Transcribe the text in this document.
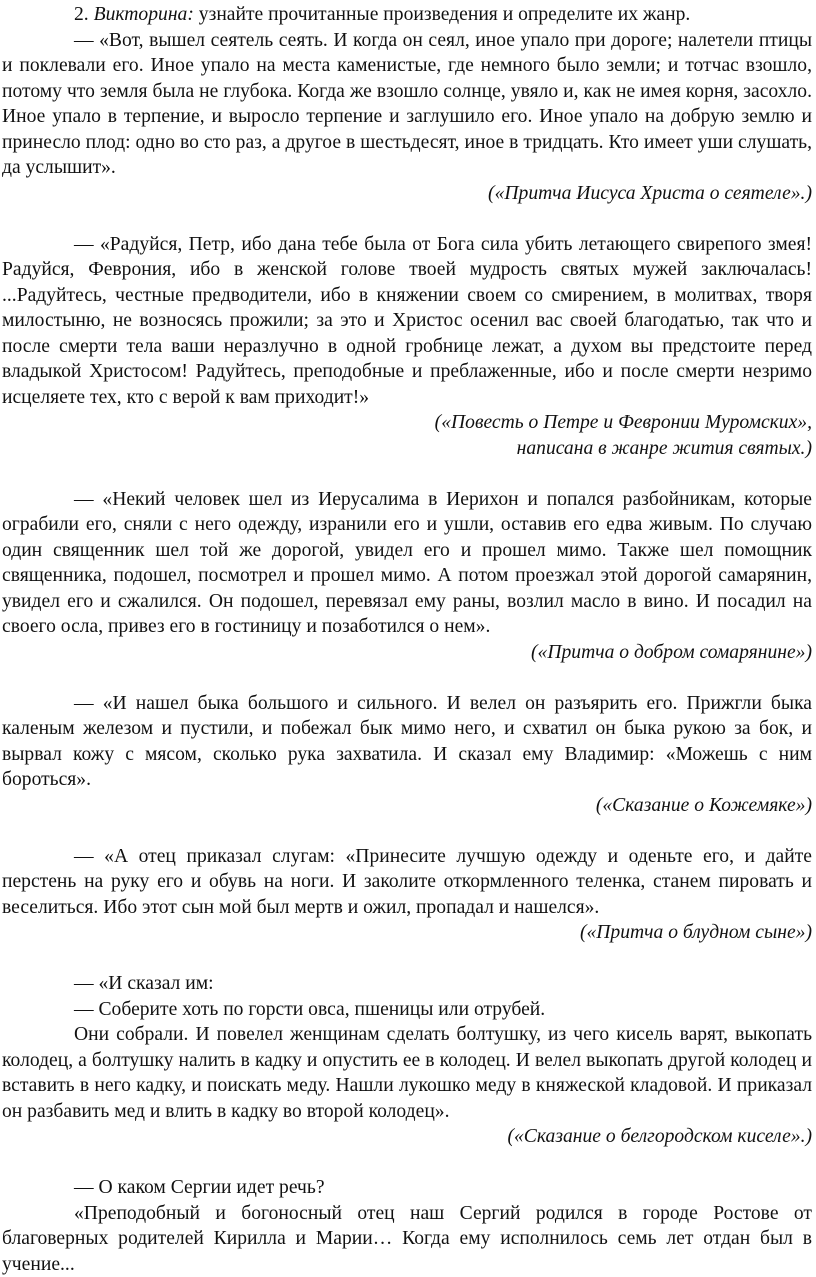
2. Викторина: узнайте прочитанные произведения и определите их жанр.

— «Вот, вышел сеятель сеять. И когда он сеял, иное упало при дороге; налетели птицы и поклевали его. Иное упало на места каменистые, где немного было земли; и тотчас взошло, потому что земля была не глубока. Когда же взошло солнце, увяло и, как не имея корня, засохло. Иное упало в терпение, и выросло терпение и заглушило его. Иное упало на добрую землю и принесло плод: одно во сто раз, а другое в шестьдесят, иное в тридцать. Кто имеет уши слушать, да услышит».

(«Притча Иисуса Христа о сеятеле».)

— «Радуйся, Петр, ибо дана тебе была от Бога сила убить летающего свирепого змея! Радуйся, Феврония, ибо в женской голове твоей мудрость святых мужей заключалась! ...Радуйтесь, честные предводители, ибо в княжении своем со смирением, в молитвах, творя милостыню, не возносясь прожили; за это и Христос осенил вас своей благодатью, так что и после смерти тела ваши неразлучно в одной гробнице лежат, а духом вы предстоите перед владыкой Христосом! Радуйтесь, преподобные и преблаженные, ибо и после смерти незримо исцеляете тех, кто с верой к вам приходит!»

(«Повесть о Петре и Февронии Муромских»,

написана в жанре жития святых.)

— «Некий человек шел из Иерусалима в Иерихон и попался разбойникам, которые ограбили его, сняли с него одежду, изранили его и ушли, оставив его едва живым. По случаю один священник шел той же дорогой, увидел его и прошел мимо. Также шел помощник священника, подошел, посмотрел и прошел мимо. А потом проезжал этой дорогой самарянин, увидел его и сжалился. Он подошел, перевязал ему раны, возлил масло в вино. И посадил на своего осла, привез его в гостиницу и позаботился о нем».

(«Притча о добром сомарянине»)

— «И нашел быка большого и сильного. И велел он разъярить его. Прижгли быка каленым железом и пустили, и побежал бык мимо него, и схватил он быка рукою за бок, и вырвал кожу с мясом, сколько рука захватила. И сказал ему Владимир: «Можешь с ним бороться».

(«Сказание о Кожемяке»)

— «А отец приказал слугам: «Принесите лучшую одежду и оденьте его, и дайте перстень на руку его и обувь на ноги. И заколите откормленного теленка, станем пировать и веселиться. Ибо этот сын мой был мертв и ожил, пропадал и нашелся».

(«Притча о блудном сыне»)

— «И сказал им:

— Соберите хоть по горсти овса, пшеницы или отрубей.

Они собрали. И повелел женщинам сделать болтушку, из чего кисель варят, выкопать колодец, а болтушку налить в кадку и опустить ее в колодец. И велел выкопать другой колодец и вставить в него кадку, и поискать меду. Нашли лукошко меду в княжеской кладовой. И приказал он разбавить мед и влить в кадку во второй колодец».

(«Сказание о белгородском киселе».)

— О каком Сергии идет речь?

«Преподобный и богоносный отец наш Сергий родился в городе Ростове от благоверных родителей Кирилла и Марии… Когда ему исполнилось семь лет отдан был в учение...
